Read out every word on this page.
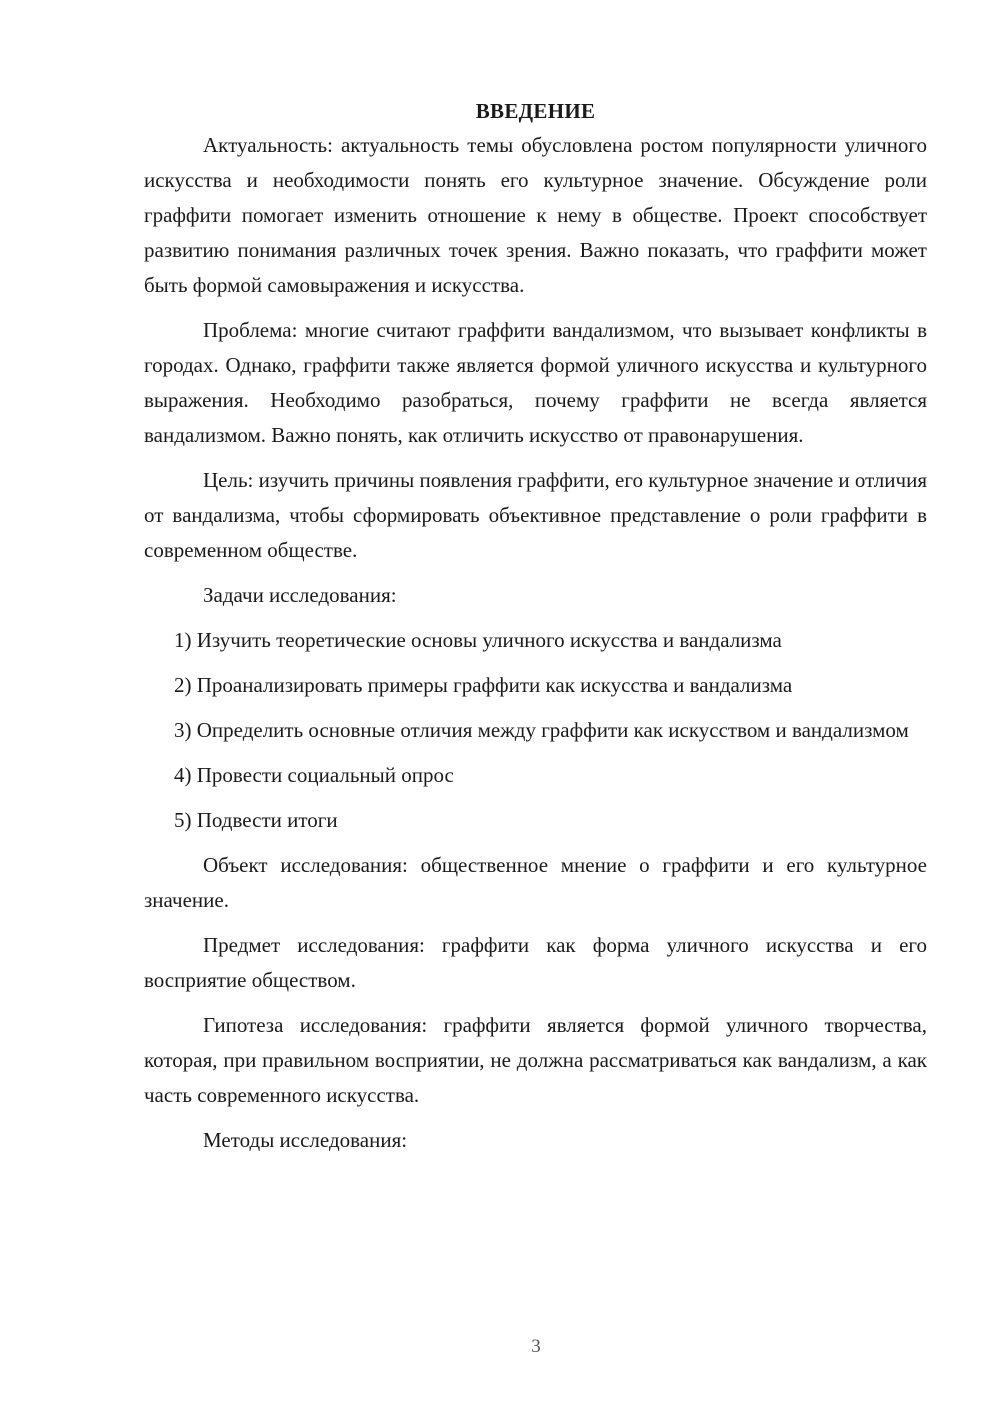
ВВЕДЕНИЕ

Актуальность: актуальность темы обусловлена ростом популярности уличного искусства и необходимости понять его культурное значение. Обсуждение роли граффити помогает изменить отношение к нему в обществе. Проект способствует развитию понимания различных точек зрения. Важно показать, что граффити может быть формой самовыражения и искусства.

Проблема: многие считают граффити вандализмом, что вызывает конфликты в городах. Однако, граффити также является формой уличного искусства и культурного выражения. Необходимо разобраться, почему граффити не всегда является вандализмом. Важно понять, как отличить искусство от правонарушения.

Цель: изучить причины появления граффити, его культурное значение и отличия от вандализма, чтобы сформировать объективное представление о роли граффити в современном обществе.

Задачи исследования:

1) Изучить теоретические основы уличного искусства и вандализма

2) Проанализировать примеры граффити как искусства и вандализма

3) Определить основные отличия между граффити как искусством и вандализмом

4) Провести социальный опрос

5) Подвести итоги

Объект исследования: общественное мнение о граффити и его культурное значение.

Предмет исследования: граффити как форма уличного искусства и его восприятие обществом.

Гипотеза исследования: граффити является формой уличного творчества, которая, при правильном восприятии, не должна рассматриваться как вандализм, а как часть современного искусства.

Методы исследования:

3
